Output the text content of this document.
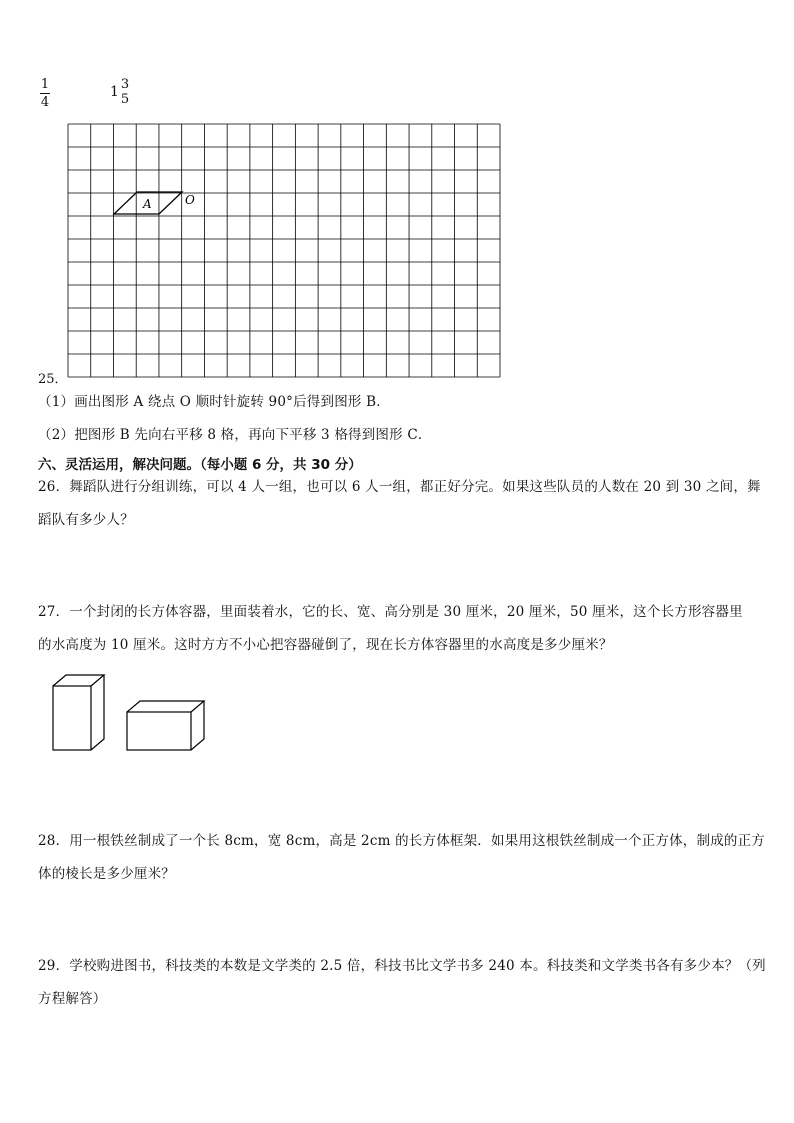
1
4
1 3
5
A	O
25．
（1）画出图形 A 绕点 O 顺时针旋转 90°后得到图形 B．
（2）把图形 B 先向右平移 8 格，再向下平移 3 格得到图形 C．
六、灵活运用，解决问题。（每小题 6 分，共 30 分）
26．舞蹈队进行分组训练，可以 4 人一组，也可以 6 人一组，都正好分完。如果这些队员的人数在 20 到 30 之间，舞
蹈队有多少人？
27．一个封闭的长方体容器，里面装着水，它的长、宽、高分别是 30 厘米，20 厘米，50 厘米，这个长方形容器里
的水高度为 10 厘米。这时方方不小心把容器碰倒了，现在长方体容器里的水高度是多少厘米？
28．用一根铁丝制成了一个长 8cm，宽 8cm，高是 2cm 的长方体框架．如果用这根铁丝制成一个正方体，制成的正方
体的棱长是多少厘米？
29．学校购进图书，科技类的本数是文学类的 2.5 倍，科技书比文学书多 240 本。科技类和文学类书各有多少本？（列
方程解答）
